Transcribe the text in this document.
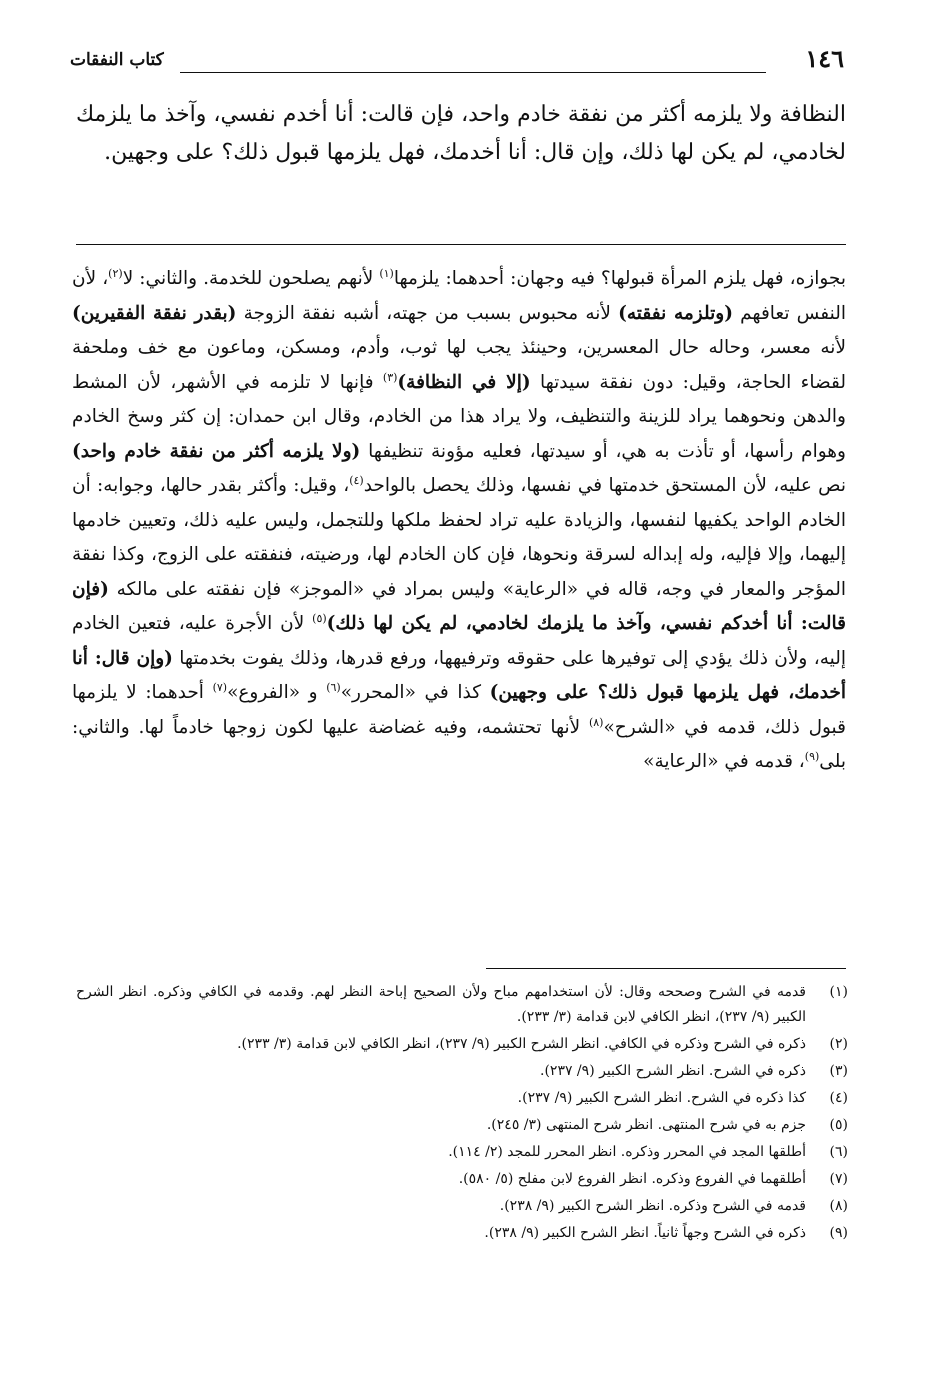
١٤٦
كتاب النفقات
النظافة ولا يلزمه أكثر من نفقة خادم واحد، فإن قالت: أنا أخدم نفسي، وآخذ ما يلزمك لخادمي، لم يكن لها ذلك، وإن قال: أنا أخدمك، فهل يلزمها قبول ذلك؟ على وجهين.
بجوازه، فهل يلزم المرأة قبولها؟ فيه وجهان: أحدهما: يلزمها$^{(١)}$ لأنهم يصلحون للخدمة. والثاني: لا$^{(٢)}$، لأن النفس تعافهم (وتلزمه نفقته) لأنه محبوس بسبب من جهته، أشبه نفقة الزوجة (بقدر نفقة الفقيرين) لأنه معسر، وحاله حال المعسرين، وحينئذ يجب لها ثوب، وأدم، ومسكن، وماعون مع خف وملحفة لقضاء الحاجة، وقيل: دون نفقة سيدتها (إلا في النظافة)$^{(٣)}$ فإنها لا تلزمه في الأشهر، لأن المشط والدهن ونحوهما يراد للزينة والتنظيف، ولا يراد هذا من الخادم، وقال ابن حمدان: إن كثر وسخ الخادم وهوام رأسها، أو تأذت به هي، أو سيدتها، فعليه مؤونة تنظيفها (ولا يلزمه أكثر من نفقة خادم واحد) نص عليه، لأن المستحق خدمتها في نفسها، وذلك يحصل بالواحد$^{(٤)}$، وقيل: وأكثر بقدر حالها، وجوابه: أن الخادم الواحد يكفيها لنفسها، والزيادة عليه تراد لحفظ ملكها وللتجمل، وليس عليه ذلك، وتعيين خادمها إليهما، وإلا فإليه، وله إبداله لسرقة ونحوها، فإن كان الخادم لها، ورضيته، فنفقته على الزوج، وكذا نفقة المؤجر والمعار في وجه، قاله في «الرعاية» وليس بمراد في «الموجز» فإن نفقته على مالكه (فإن قالت: أنا أخدكم نفسي، وآخذ ما يلزمك لخادمي، لم يكن لها ذلك)$^{(٥)}$ لأن الأجرة عليه، فتعين الخادم إليه، ولأن ذلك يؤدي إلى توفيرها على حقوقه وترفيهها، ورفع قدرها، وذلك يفوت بخدمتها (وإن قال: أنا أخدمك، فهل يلزمها قبول ذلك؟ على وجهين) كذا في «المحرر»$^{(٦)}$ و «الفروع»$^{(٧)}$ أحدهما: لا يلزمها قبول ذلك، قدمه في «الشرح»$^{(٨)}$ لأنها تحتشمه، وفيه غضاضة عليها لكون زوجها خادماً لها. والثاني: بلى$^{(٩)}$، قدمه في «الرعاية»
(١)
قدمه في الشرح وصححه وقال: لأن استخدامهم مباح ولأن الصحيح إباحة النظر لهم. وقدمه في الكافي وذكره. انظر الشرح الكبير (٩/ ٢٣٧)، انظر الكافي لابن قدامة (٣/ ٢٣٣).
(٢)
ذكره في الشرح وذكره في الكافي. انظر الشرح الكبير (٩/ ٢٣٧)، انظر الكافي لابن قدامة (٣/ ٢٣٣).
(٣)
ذكره في الشرح. انظر الشرح الكبير (٩/ ٢٣٧).
(٤)
كذا ذكره في الشرح. انظر الشرح الكبير (٩/ ٢٣٧).
(٥)
جزم به في شرح المنتهى. انظر شرح المنتهى (٣/ ٢٤٥).
(٦)
أطلقها المجد في المحرر وذكره. انظر المحرر للمجد (٢/ ١١٤).
(٧)
أطلقهما في الفروع وذكره. انظر الفروع لابن مفلح (٥/ ٥٨٠).
(٨)
قدمه في الشرح وذكره. انظر الشرح الكبير (٩/ ٢٣٨).
(٩)
ذكره في الشرح وجهاً ثانياً. انظر الشرح الكبير (٩/ ٢٣٨).
